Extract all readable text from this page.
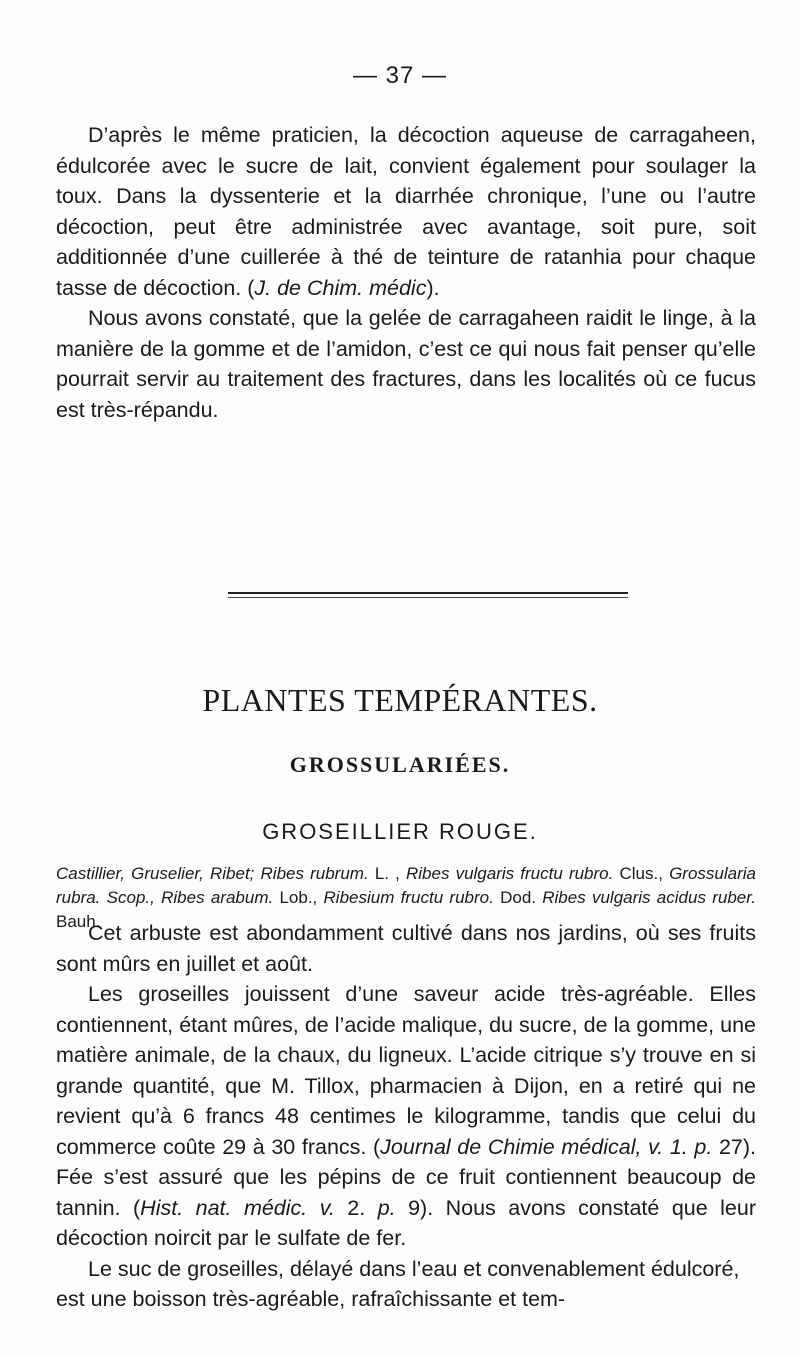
— 37 —

D’après le même praticien, la décoction aqueuse de carragaheen, édulcorée avec le sucre de lait, convient également pour soulager la toux. Dans la dyssenterie et la diarrhée chronique, l’une ou l’autre décoction, peut être administrée avec avantage, soit pure, soit additionnée d’une cuillerée à thé de teinture de ratanhia pour chaque tasse de décoction. (J. de Chim. médic).

Nous avons constaté, que la gelée de carragaheen raidit le linge, à la manière de la gomme et de l’amidon, c’est ce qui nous fait penser qu’elle pourrait servir au traitement des fractures, dans les localités où ce fucus est très-répandu.

PLANTES TEMPÉRANTES.
GROSSULARIÉES.
GROSEILLIER ROUGE.
Castillier, Gruselier, Ribet; Ribes rubrum. L. , Ribes vulgaris fructu rubro. Clus., Grossularia rubra. Scop., Ribes arabum. Lob., Ribesium fructu rubro. Dod. Ribes vulgaris acidus ruber. Bauh.

Cet arbuste est abondamment cultivé dans nos jardins, où ses fruits sont mûrs en juillet et août.

Les groseilles jouissent d’une saveur acide très-agréable. Elles contiennent, étant mûres, de l’acide malique, du sucre, de la gomme, une matière animale, de la chaux, du ligneux. L’acide citrique s’y trouve en si grande quantité, que M. Tillox, pharmacien à Dijon, en a retiré qui ne revient qu’à 6 francs 48 centimes le kilogramme, tandis que celui du commerce coûte 29 à 30 francs. (Journal de Chimie médical, v. 1. p. 27). Fée s’est assuré que les pépins de ce fruit contiennent beaucoup de tannin. (Hist. nat. médic. v. 2. p. 9). Nous avons constaté que leur décoction noircit par le sulfate de fer.

Le suc de groseilles, délayé dans l’eau et convenablement édulcoré, est une boisson très-agréable, rafraîchissante et tem-
